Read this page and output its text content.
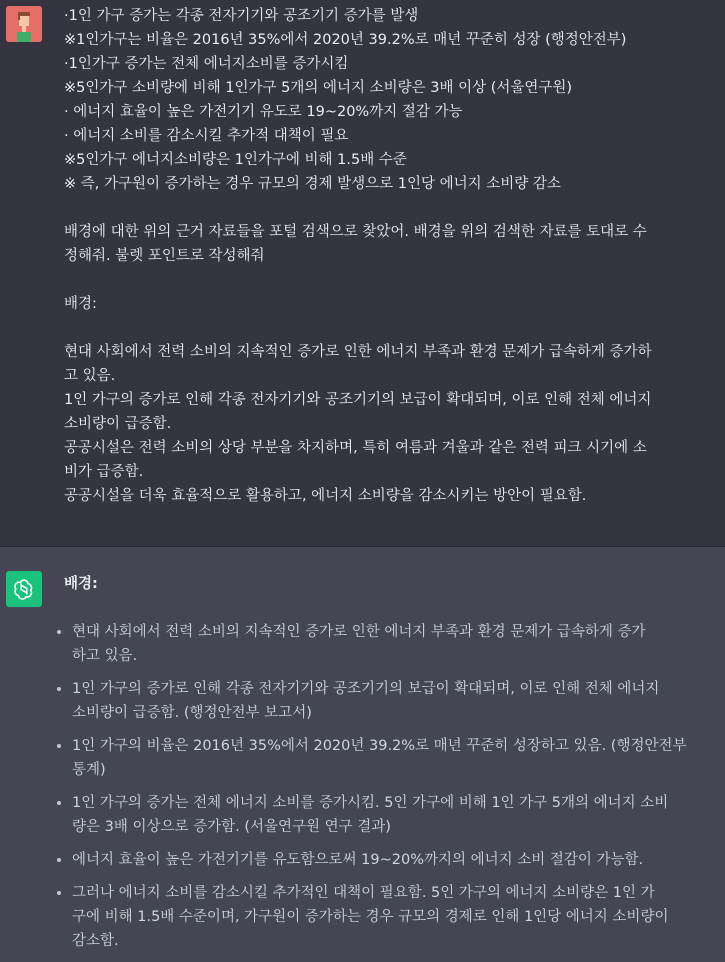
·1인 가구 증가는 각종 전자기기와 공조기기 증가를 발생
※1인가구는 비율은 2016년 35%에서 2020년 39.2%로 매년 꾸준히 성장 (행정안전부)
·1인가구 증가는 전체 에너지소비를 증가시킴
※5인가구 소비량에 비해 1인가구 5개의 에너지 소비량은 3배 이상 (서울연구원)
· 에너지 효율이 높은 가전기기 유도로 19~20%까지 절감 가능
· 에너지 소비를 감소시킬 추가적 대책이 필요
※5인가구 에너지소비량은 1인가구에 비해 1.5배 수준
※ 즉, 가구원이 증가하는 경우 규모의 경제 발생으로 1인당 에너지 소비량 감소
배경에 대한 위의 근거 자료들을 포털 검색으로 찾았어. 배경을 위의 검색한 자료를 토대로 수
정해줘. 불렛 포인트로 작성해줘
배경:
현대 사회에서 전력 소비의 지속적인 증가로 인한 에너지 부족과 환경 문제가 급속하게 증가하
고 있음.
1인 가구의 증가로 인해 각종 전자기기와 공조기기의 보급이 확대되며, 이로 인해 전체 에너지
소비량이 급증함.
공공시설은 전력 소비의 상당 부분을 차지하며, 특히 여름과 겨울과 같은 전력 피크 시기에 소
비가 급증함.
공공시설을 더욱 효율적으로 활용하고, 에너지 소비량을 감소시키는 방안이 필요함.
배경:
현대 사회에서 전력 소비의 지속적인 증가로 인한 에너지 부족과 환경 문제가 급속하게 증가
하고 있음.
1인 가구의 증가로 인해 각종 전자기기와 공조기기의 보급이 확대되며, 이로 인해 전체 에너지
소비량이 급증함. (행정안전부 보고서)
1인 가구의 비율은 2016년 35%에서 2020년 39.2%로 매년 꾸준히 성장하고 있음. (행정안전부
통계)
1인 가구의 증가는 전체 에너지 소비를 증가시킴. 5인 가구에 비해 1인 가구 5개의 에너지 소비
량은 3배 이상으로 증가함. (서울연구원 연구 결과)
에너지 효율이 높은 가전기기를 유도함으로써 19~20%까지의 에너지 소비 절감이 가능함.
그러나 에너지 소비를 감소시킬 추가적인 대책이 필요함. 5인 가구의 에너지 소비량은 1인 가
구에 비해 1.5배 수준이며, 가구원이 증가하는 경우 규모의 경제로 인해 1인당 에너지 소비량이
감소함.
